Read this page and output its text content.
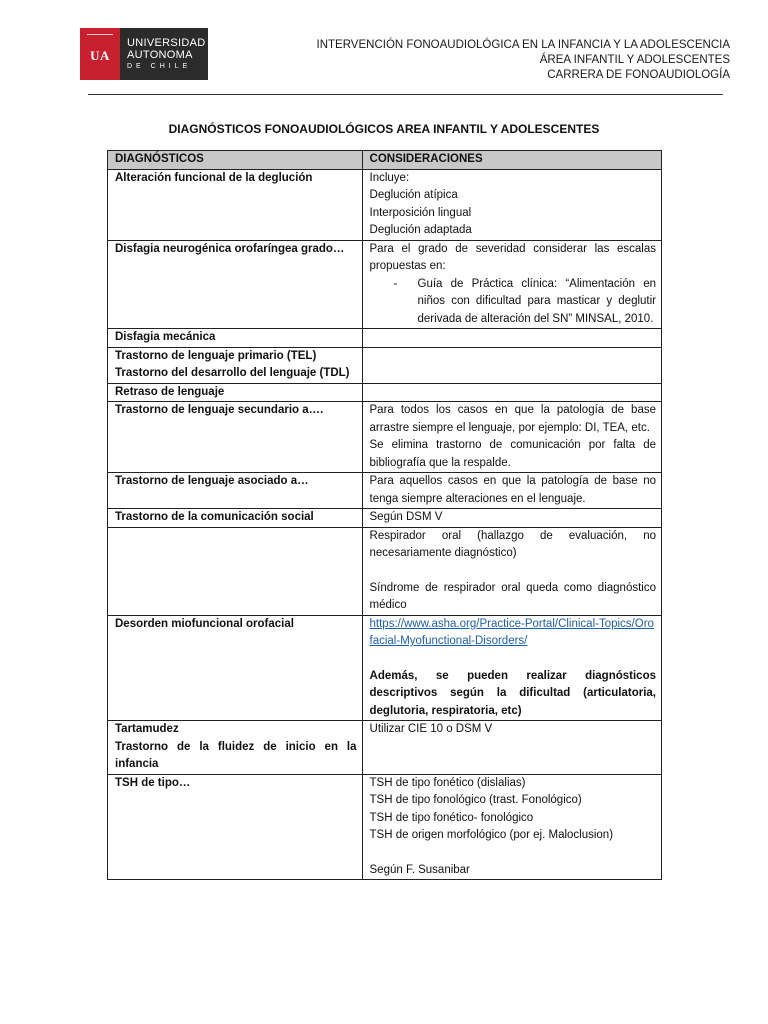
UA
UNIVERSIDAD
AUTONOMA
DE CHILE
INTERVENCIÓN FONOAUDIOLÓGICA EN LA INFANCIA Y LA ADOLESCENCIA
ÁREA INFANTIL Y ADOLESCENTES
CARRERA DE FONOAUDIOLOGÍA
DIAGNÓSTICOS FONOAUDIOLÓGICOS AREA INFANTIL Y ADOLESCENTES
DIAGNÓSTICOS	CONSIDERACIONES
Alteración funcional de la deglución	Incluye:
Deglución atípica
Interposición lingual
Deglución adaptada

Disfagia neurogénica orofaríngea grado…	Para el grado de severidad considerar las escalas propuestas en:
- Guía de Práctica clínica: “Alimentación en niños con dificultad para masticar y deglutir derivada de alteración del SN” MINSAL, 2010.

Disfagia mecánica	
Trastorno de lenguaje primario (TEL) Trastorno del desarrollo del lenguaje (TDL)	
Retraso de lenguaje	
Trastorno de lenguaje secundario a….	Para todos los casos en que la patología de base arrastre siempre el lenguaje, por ejemplo: DI, TEA, etc.
Se elimina trastorno de comunicación por falta de bibliografía que la respalde.

Trastorno de lenguaje asociado a…	Para aquellos casos en que la patología de base no tenga siempre alteraciones en el lenguaje.

Trastorno de la comunicación social	Según DSM V

	Respirador oral (hallazgo de evaluación, no necesariamente diagnóstico)
Síndrome de respirador oral queda como diagnóstico médico

Desorden miofuncional orofacial	https://www.asha.org/Practice-Portal/Clinical-Topics/Orofacial-Myofunctional-Disorders/
Además, se pueden realizar diagnósticos descriptivos según la dificultad (articulatoria, deglutoria, respiratoria, etc)

Tartamudez
Trastorno de la fluidez de inicio en la infancia	Utilizar CIE 10 o DSM V

TSH de tipo…	TSH de tipo fonético (dislalias)
TSH de tipo fonológico (trast. Fonológico)
TSH de tipo fonético- fonológico
TSH de origen morfológico (por ej. Maloclusion)
Según F. Susanibar
